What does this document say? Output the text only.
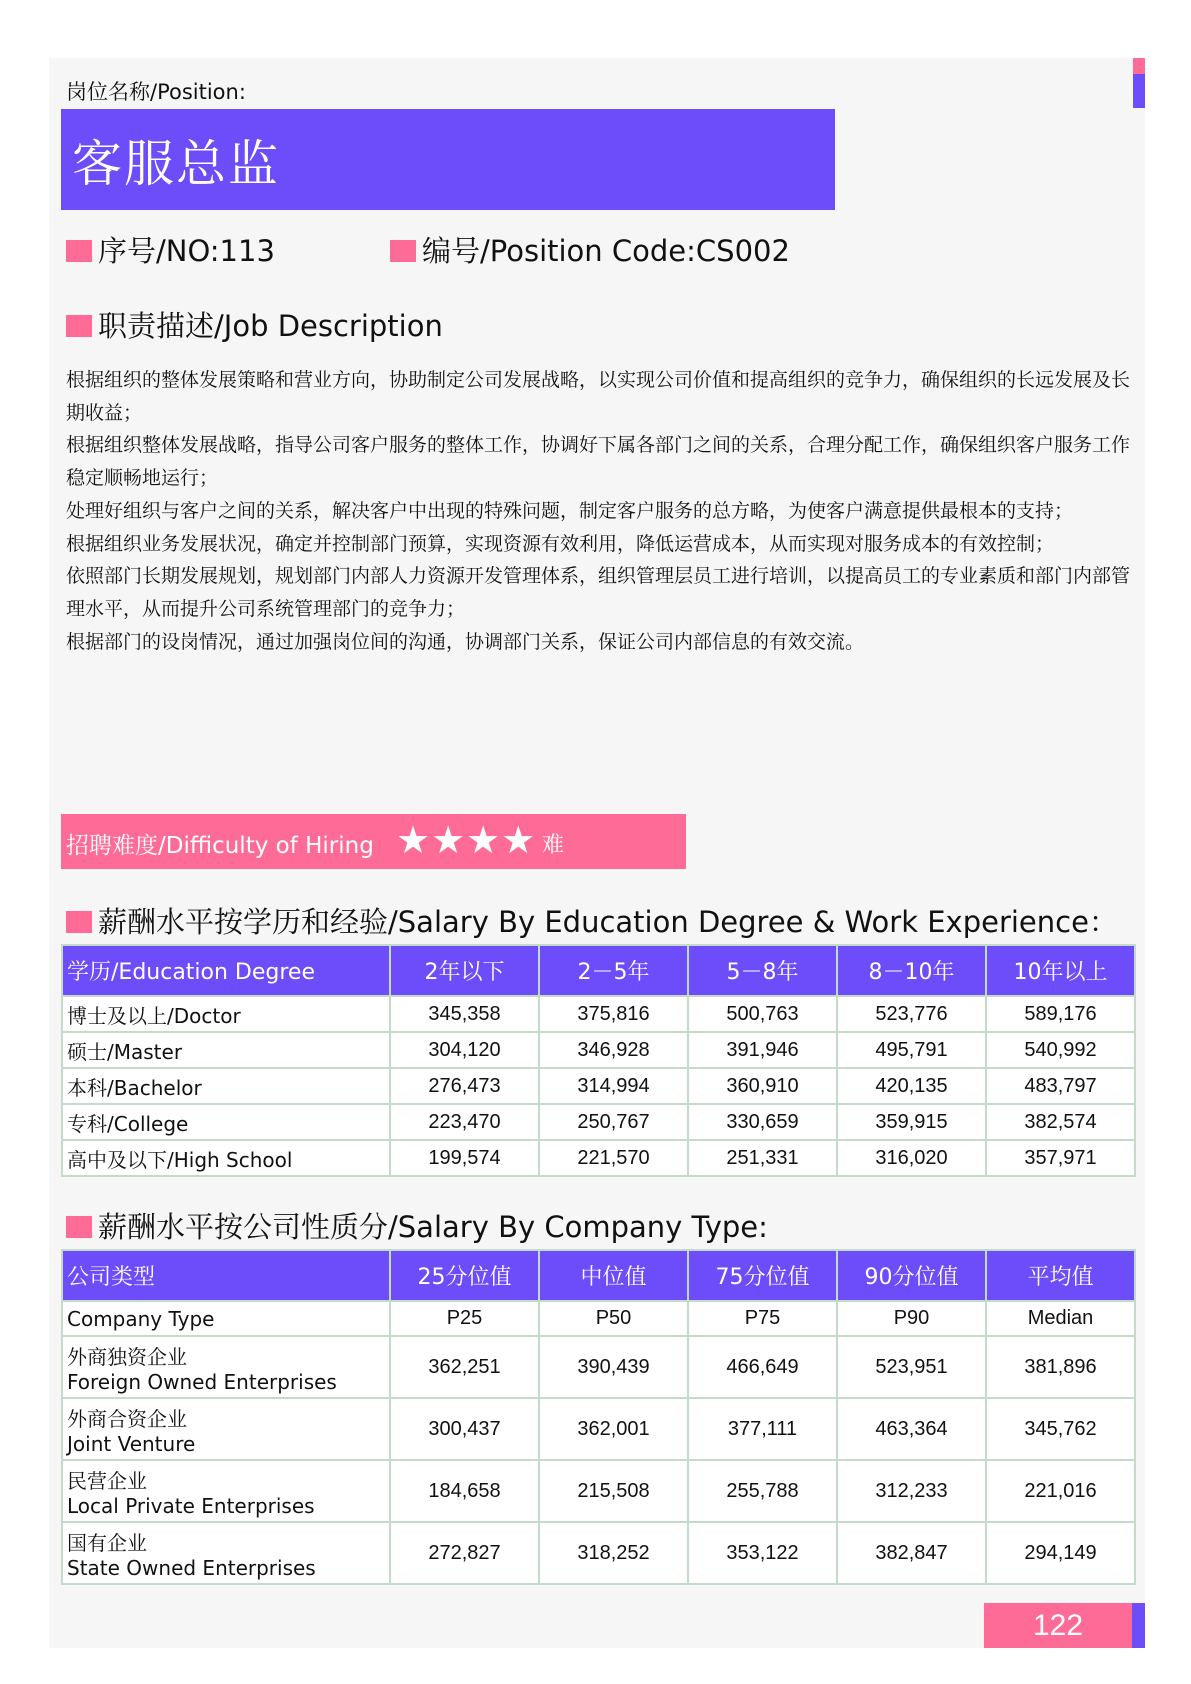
岗位名称/Position:
客服总监
序号/NO:113	编号/Position Code:CS002
职责描述/Job Description

根据组织的整体发展策略和营业方向，协助制定公司发展战略，以实现公司价值和提高组织的竞争力，确保组织的长远发展及长期收益；

根据组织整体发展战略，指导公司客户服务的整体工作，协调好下属各部门之间的关系，合理分配工作，确保组织客户服务工作稳定顺畅地运行；

处理好组织与客户之间的关系，解决客户中出现的特殊问题，制定客户服务的总方略，为使客户满意提供最根本的支持；

根据组织业务发展状况，确定并控制部门预算，实现资源有效利用，降低运营成本，从而实现对服务成本的有效控制；

依照部门长期发展规划，规划部门内部人力资源开发管理体系，组织管理层员工进行培训，以提高员工的专业素质和部门内部管理水平，从而提升公司系统管理部门的竞争力；

根据部门的设岗情况，通过加强岗位间的沟通，协调部门关系，保证公司内部信息的有效交流。

招聘难度/Difficulty of Hiring ★★★★ 难
薪酬水平按学历和经验/Salary By Education Degree & Work Experience：
学历/Education Degree	2年以下	2－5年	5－8年	8－10年	10年以上
博士及以上/Doctor	345,358	375,816	500,763	523,776	589,176
硕士/Master	304,120	346,928	391,946	495,791	540,992
本科/Bachelor	276,473	314,994	360,910	420,135	483,797
专科/College	223,470	250,767	330,659	359,915	382,574
高中及以下/High School	199,574	221,570	251,331	316,020	357,971
薪酬水平按公司性质分/Salary By Company Type:
公司类型	25分位值	中位值	75分位值	90分位值	平均值
Company Type	P25	P50	P75	P90	Median

外商独资企业
Foreign Owned Enterprises	362,251	390,439	466,649	523,951	381,896

外商合资企业
Joint Venture	300,437	362,001	377,111	463,364	345,762

民营企业
Local Private Enterprises	184,658	215,508	255,788	312,233	221,016

国有企业
State Owned Enterprises	272,827	318,252	353,122	382,847	294,149
122
